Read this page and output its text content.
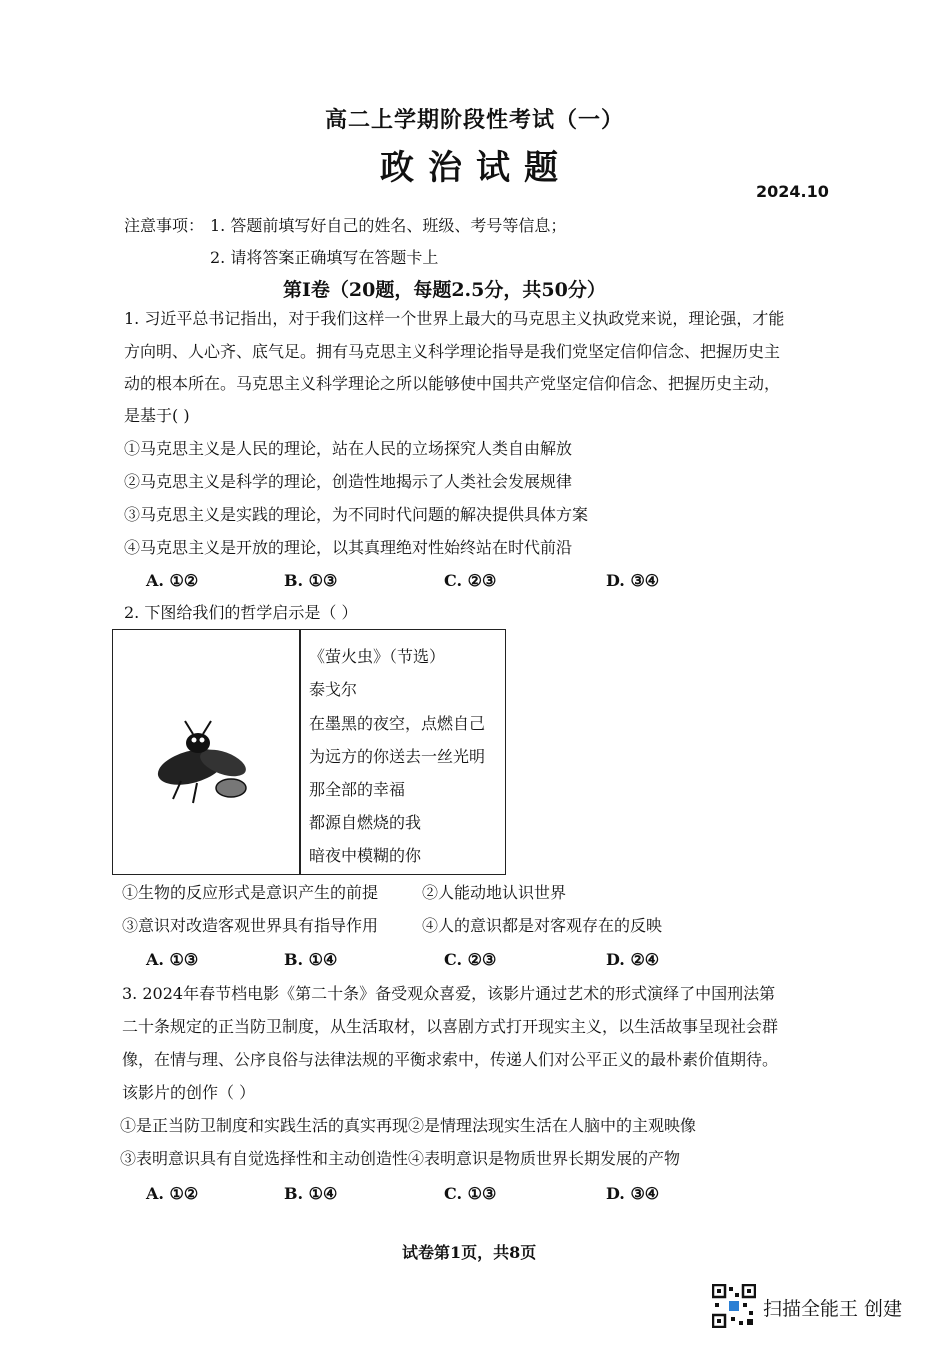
高二上学期阶段性考试（一）
政治试题
2024.10
注意事项： 1. 答题前填写好自己的姓名、班级、考号等信息；
2. 请将答案正确填写在答题卡上
第I卷（20题，每题2.5分，共50分）
1. 习近平总书记指出，对于我们这样一个世界上最大的马克思主义执政党来说，理论强，才能
方向明、人心齐、底气足。拥有马克思主义科学理论指导是我们党坚定信仰信念、把握历史主
动的根本所在。马克思主义科学理论之所以能够使中国共产党坚定信仰信念、把握历史主动，
是基于( )
①马克思主义是人民的理论，站在人民的立场探究人类自由解放
②马克思主义是科学的理论，创造性地揭示了人类社会发展规律
③马克思主义是实践的理论，为不同时代问题的解决提供具体方案
④马克思主义是开放的理论，以其真理绝对性始终站在时代前沿
A. ①②	B. ①③	C. ②③	D. ③④
2. 下图给我们的哲学启示是（ ）
《萤火虫》（节选）
泰戈尔
在墨黑的夜空，点燃自己
为远方的你送去一丝光明
那全部的幸福
都源自燃烧的我
暗夜中模糊的你
①生物的反应形式是意识产生的前提	②人能动地认识世界
③意识对改造客观世界具有指导作用	④人的意识都是对客观存在的反映
A. ①③	B. ①④	C. ②③	D. ②④
3. 2024年春节档电影《第二十条》备受观众喜爱，该影片通过艺术的形式演绎了中国刑法第
二十条规定的正当防卫制度，从生活取材，以喜剧方式打开现实主义，以生活故事呈现社会群
像，在情与理、公序良俗与法律法规的平衡求索中，传递人们对公平正义的最朴素价值期待。
该影片的创作（ ）
①是正当防卫制度和实践生活的真实再现②是情理法现实生活在人脑中的主观映像
③表明意识具有自觉选择性和主动创造性④表明意识是物质世界长期发展的产物
A. ①②	B. ①④	C. ①③	D. ③④
试卷第1页，共8页
扫描全能王 创建
